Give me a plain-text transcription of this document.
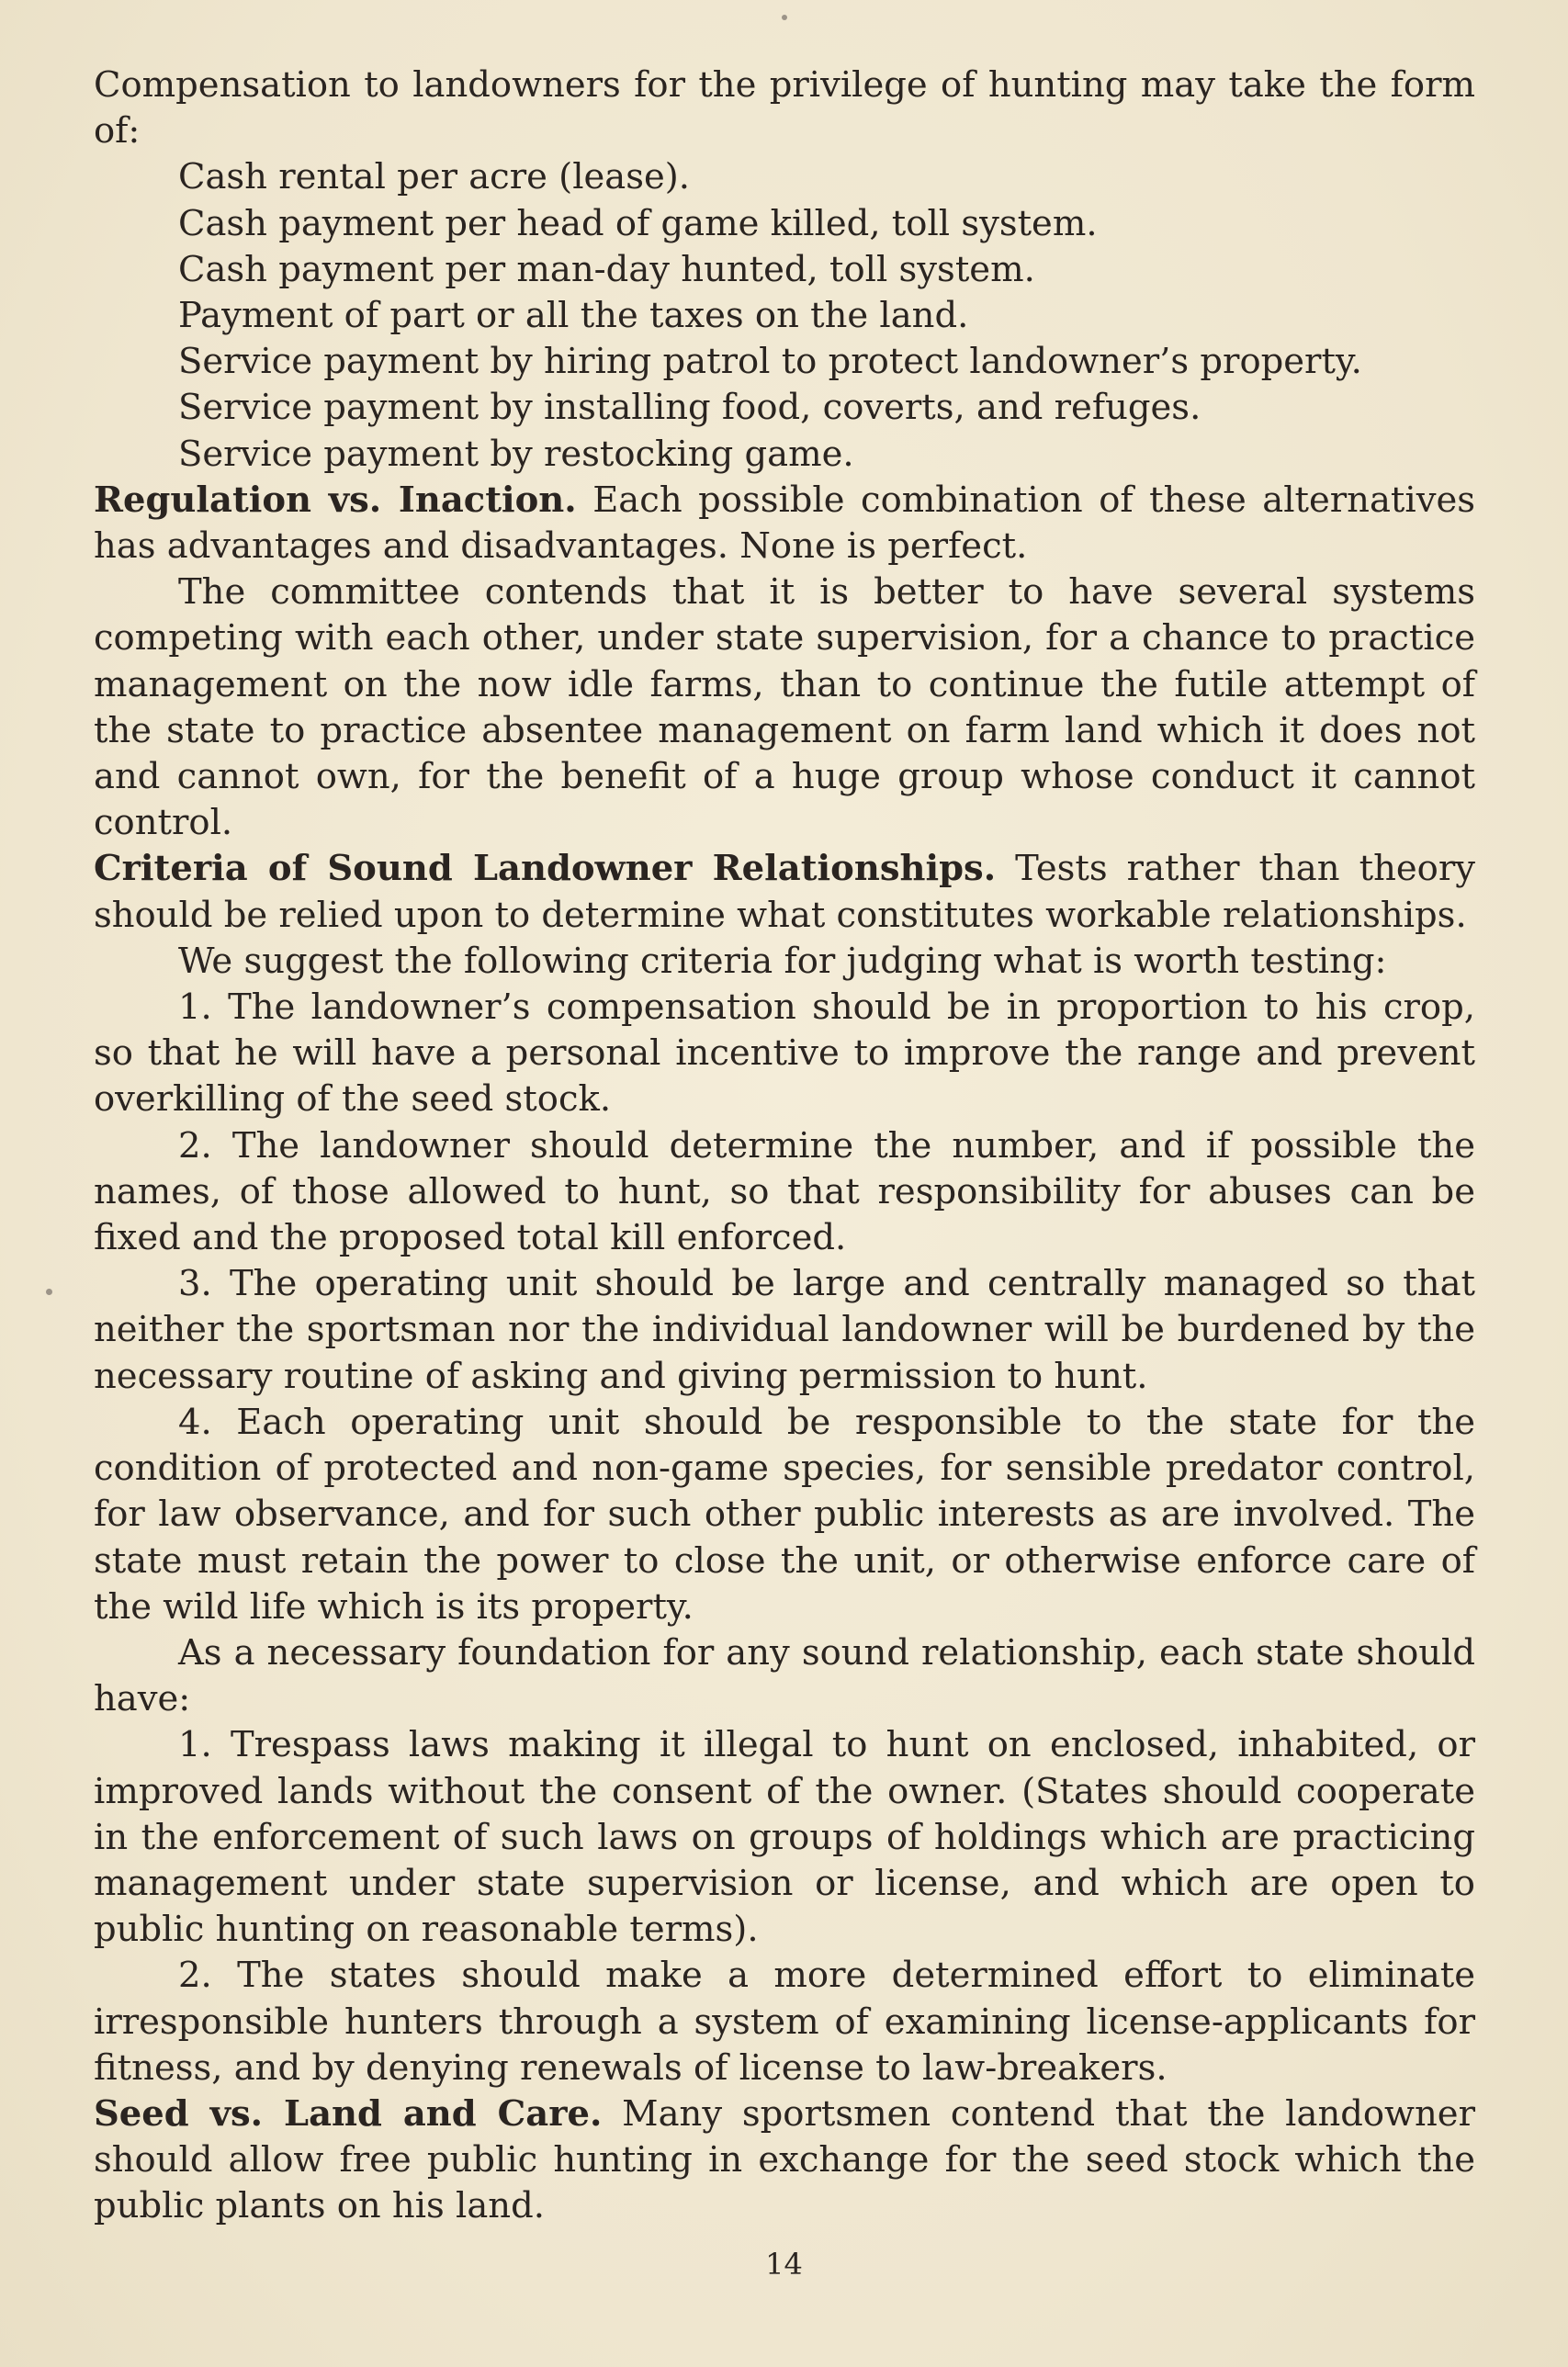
Compensation to landowners for the privilege of hunting may take the form of:

Cash rental per acre (lease).

Cash payment per head of game killed, toll system.

Cash payment per man-day hunted, toll system.

Payment of part or all the taxes on the land.

Service payment by hiring patrol to protect landowner’s property.

Service payment by installing food, coverts, and refuges.

Service payment by restocking game.

Regulation vs. Inaction. Each possible combination of these alternatives has advantages and disadvantages. None is perfect.

The committee contends that it is better to have several systems competing with each other, under state supervision, for a chance to practice management on the now idle farms, than to continue the futile attempt of the state to practice absentee management on farm land which it does not and cannot own, for the benefit of a huge group whose conduct it cannot control.

Criteria of Sound Landowner Relationships. Tests rather than theory should be relied upon to determine what constitutes workable relationships.

We suggest the following criteria for judging what is worth testing:

1. The landowner’s compensation should be in proportion to his crop, so that he will have a personal incentive to improve the range and prevent overkilling of the seed stock.

2. The landowner should determine the number, and if possible the names, of those allowed to hunt, so that responsibility for abuses can be fixed and the proposed total kill enforced.

3. The operating unit should be large and centrally managed so that neither the sportsman nor the individual landowner will be burdened by the necessary routine of asking and giving permission to hunt.

4. Each operating unit should be responsible to the state for the condition of protected and non-game species, for sensible predator control, for law observance, and for such other public interests as are involved. The state must retain the power to close the unit, or otherwise enforce care of the wild life which is its property.

As a necessary foundation for any sound relationship, each state should have:

1. Trespass laws making it illegal to hunt on enclosed, inhabited, or improved lands without the consent of the owner. (States should cooperate in the enforcement of such laws on groups of holdings which are practicing management under state supervision or license, and which are open to public hunting on reasonable terms).

2. The states should make a more determined effort to eliminate irresponsible hunters through a system of examining license-applicants for fitness, and by denying renewals of license to law-breakers.

Seed vs. Land and Care. Many sportsmen contend that the landowner should allow free public hunting in exchange for the seed stock which the public plants on his land.

14
